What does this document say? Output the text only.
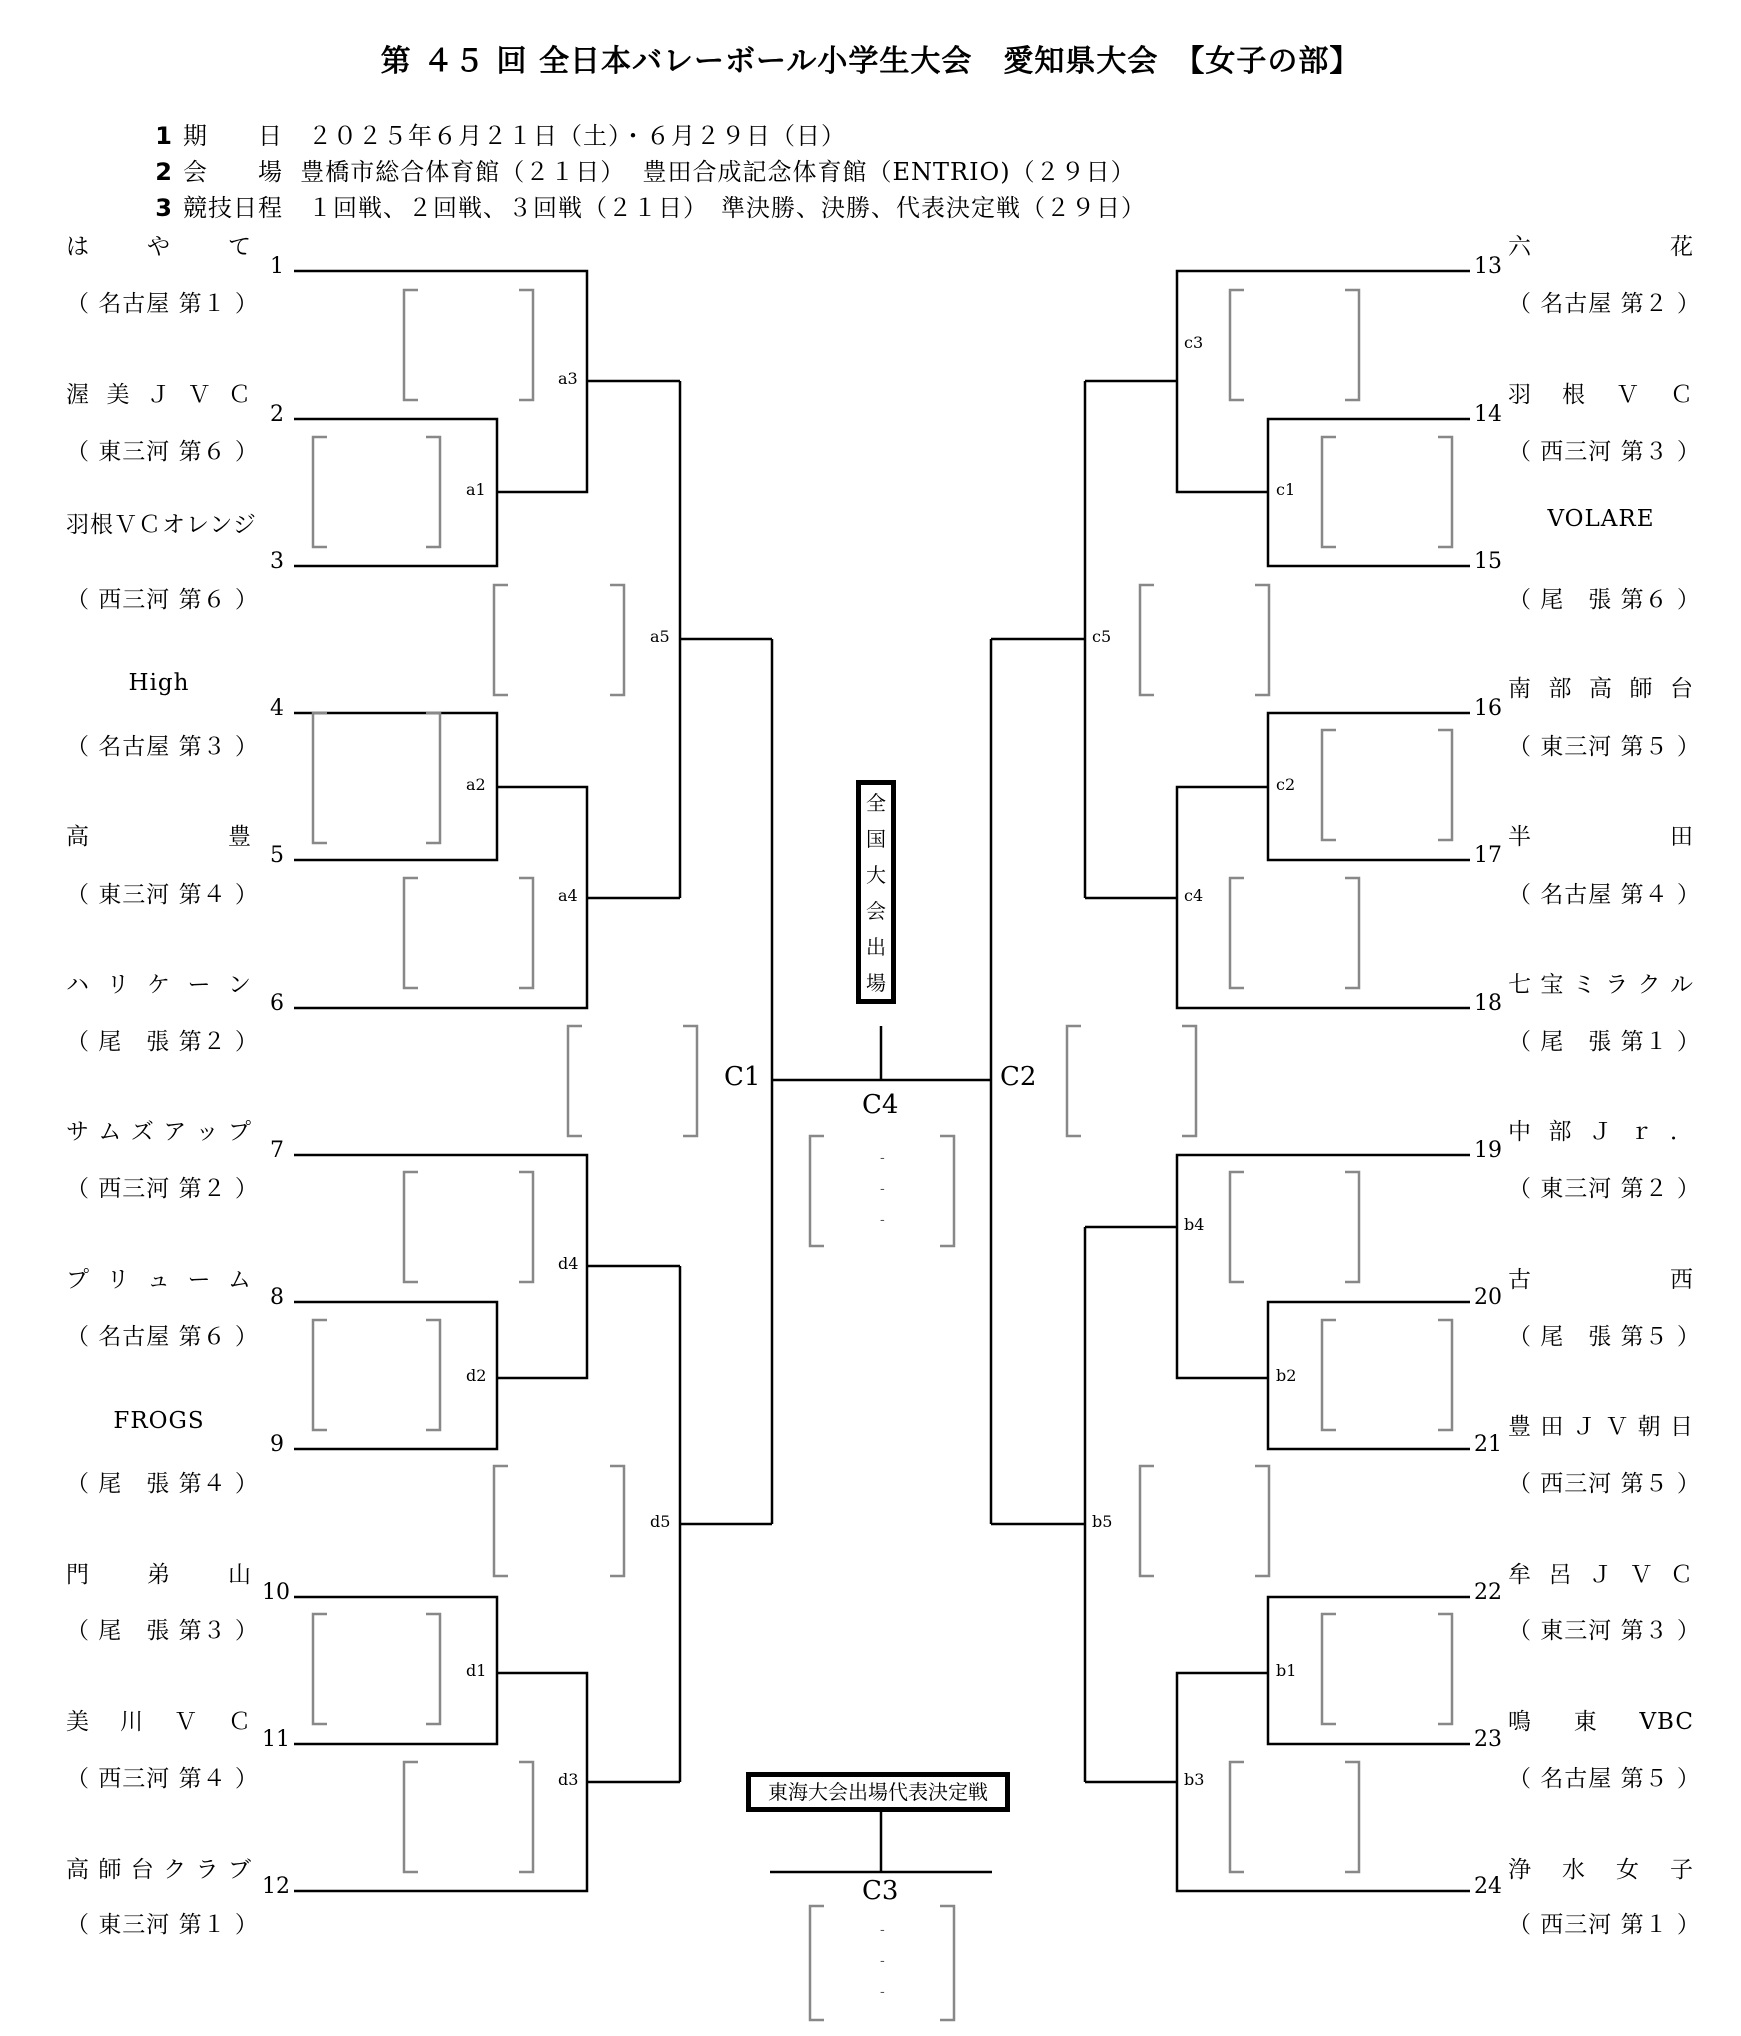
第 ４５ 回 全日本バレーボール小学生大会　愛知県大会　【女子の部】

1 期　　日　２０２５年６月２１日（土）・６月２９日（日）

2 会　　場  豊橋市総合体育館（２１日）  豊田合成記念体育館（ENTRIO)（２９日）

3 競技日程　１回戦、２回戦、３回戦（２１日）　準決勝、決勝、代表決定戦（２９日）

は や て
（ 名古屋 第１ ）
1
渥 美 Ｊ Ｖ Ｃ
（ 東三河 第６ ）
2
羽根ＶＣオレンジ
（ 西三河 第６ ）
3
High
（ 名古屋 第３ ）
4
高 豊
（ 東三河 第４ ）
5
ハ リ ケ ー ン
（ 尾　張 第２ ）
6
サ ム ズ ア ッ プ
（ 西三河 第２ ）
7
プ リ ュ ー ム
（ 名古屋 第６ ）
8
FROGS
（ 尾　張 第４ ）
9
門 弟 山
（ 尾　張 第３ ）
10
美 川 Ｖ Ｃ
（ 西三河 第４ ）
11
高 師 台 ク ラ ブ
（ 東三河 第１ ）
12
六 花
（ 名古屋 第２ ）
13
羽 根 Ｖ Ｃ
（ 西三河 第３ ）
14
VOLARE
（ 尾　張 第６ ）
15
南 部 高 師 台
（ 東三河 第５ ）
16
半 田
（ 名古屋 第４ ）
17
七 宝 ミ ラ ク ル
（ 尾　張 第１ ）
18
中 部 Ｊ ｒ ．
（ 東三河 第２ ）
19
古 西
（ 尾　張 第５ ）
20
豊 田 Ｊ Ｖ 朝 日
（ 西三河 第５ ）
21
牟 呂 Ｊ Ｖ Ｃ
（ 東三河 第３ ）
22
鳴 東 VBC
（ 名古屋 第５ ）
23
浄 水 女 子
（ 西三河 第１ ）
24
全
国
大
会
出
場
東海大会出場代表決定戦
a1
a2
a3
a4
a5
d1
d2
d3
d4
d5
c1
c2
c3
c4
c5
b1
b2
b3
b4
b5
C1	C2
C4
C3
-
-
-
-
-
-
